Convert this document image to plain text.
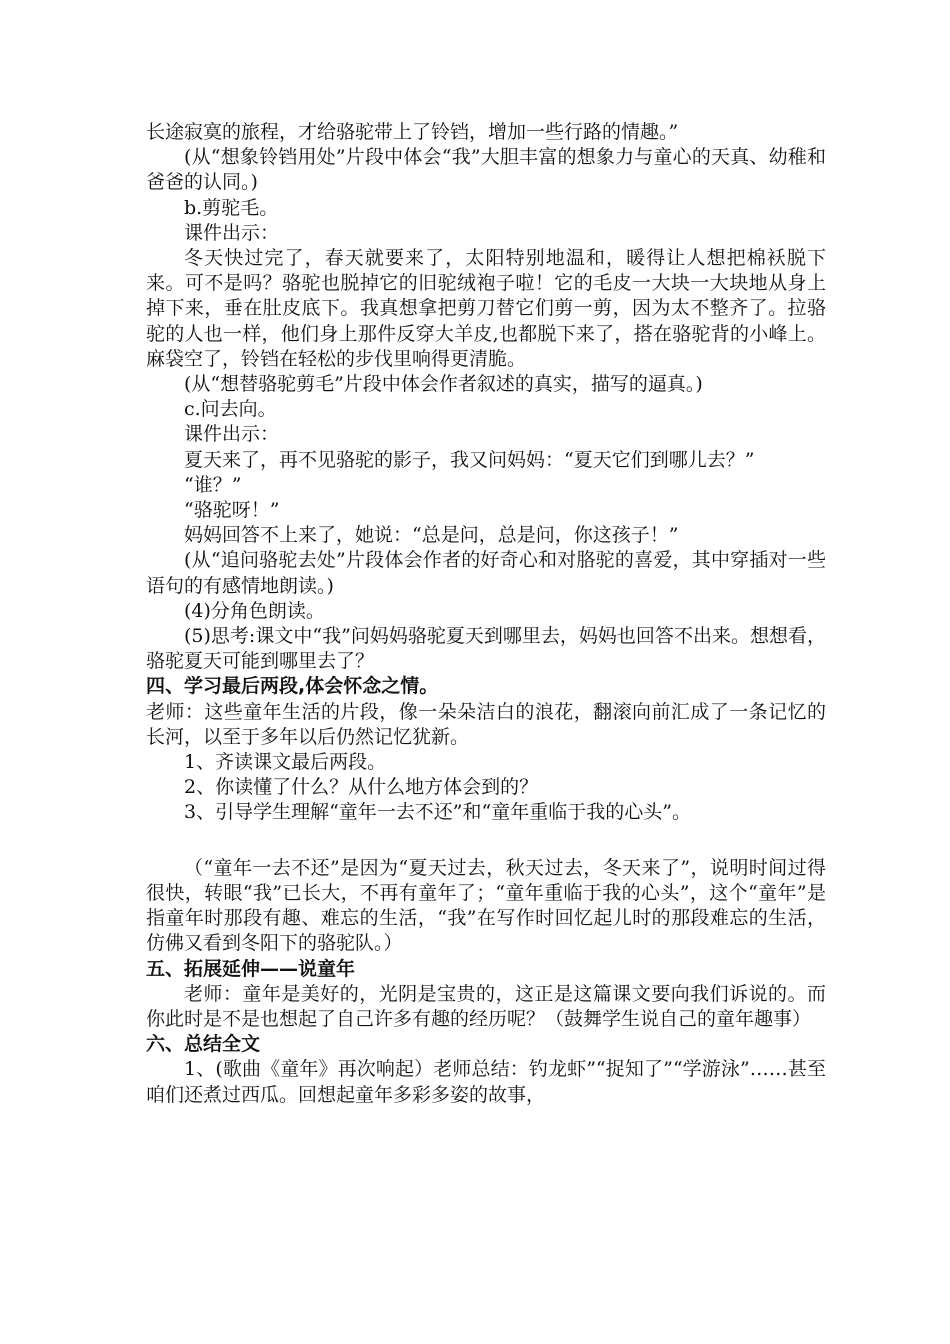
长途寂寞的旅程，才给骆驼带上了铃铛，增加一些行路的情趣。”

(从“想象铃铛用处”片段中体会“我”大胆丰富的想象力与童心的天真、幼稚和爸爸的认同。)

b.剪驼毛。

课件出示：

冬天快过完了，春天就要来了，太阳特别地温和，暖得让人想把棉袄脱下来。可不是吗？骆驼也脱掉它的旧驼绒袍子啦！它的毛皮一大块一大块地从身上掉下来，垂在肚皮底下。我真想拿把剪刀替它们剪一剪，因为太不整齐了。拉骆驼的人也一样，他们身上那件反穿大羊皮,也都脱下来了，搭在骆驼背的小峰上。麻袋空了，铃铛在轻松的步伐里响得更清脆。

(从“想替骆驼剪毛”片段中体会作者叙述的真实，描写的逼真。)

c.问去向。

课件出示：

夏天来了，再不见骆驼的影子，我又问妈妈：“夏天它们到哪儿去？”

“谁？”

“骆驼呀！”

妈妈回答不上来了，她说：“总是问，总是问，你这孩子！”

(从“追问骆驼去处”片段体会作者的好奇心和对胳驼的喜爱，其中穿插对一些语句的有感情地朗读。)

(4)分角色朗读。

(5)思考:课文中“我”问妈妈骆驼夏天到哪里去，妈妈也回答不出来。想想看，骆驼夏天可能到哪里去了？

四、学习最后两段,体会怀念之情。

老师：这些童年生活的片段，像一朵朵洁白的浪花，翻滚向前汇成了一条记忆的长河，以至于多年以后仍然记忆犹新。

1、齐读课文最后两段。

2、你读懂了什么？从什么地方体会到的？

3、引导学生理解“童年一去不还”和“童年重临于我的心头”。

（“童年一去不还”是因为“夏天过去，秋天过去，冬天来了”，说明时间过得很快，转眼“我”已长大，不再有童年了；“童年重临于我的心头”，这个“童年”是指童年时那段有趣、难忘的生活，“我”在写作时回忆起儿时的那段难忘的生活，仿佛又看到冬阳下的骆驼队。）

五、拓展延伸——说童年

老师：童年是美好的，光阴是宝贵的，这正是这篇课文要向我们诉说的。而你此时是不是也想起了自己许多有趣的经历呢？（鼓舞学生说自己的童年趣事）

六、总结全文

1、(歌曲《童年》再次响起）老师总结：钓龙虾”“捉知了”“学游泳”……甚至咱们还煮过西瓜。回想起童年多彩多姿的故事，
